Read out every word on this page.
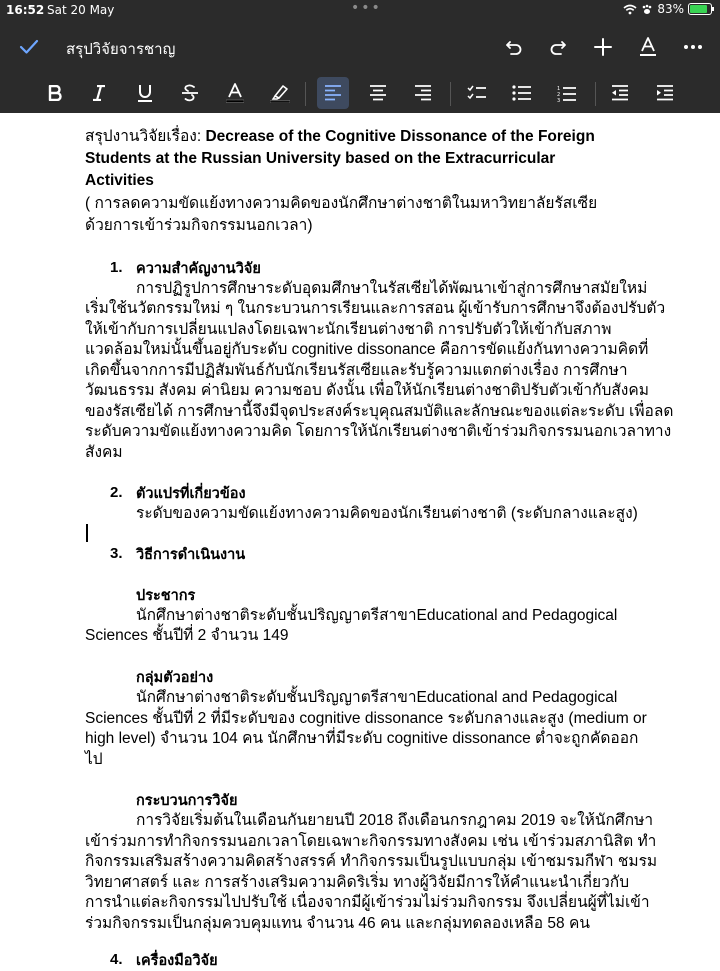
16:52 Sat 20 May	•••	83%
สรุปวิจัยจารชาญ
1
2
3
สรุปงานวิจัยเรื่อง: Decrease of the Cognitive Dissonance of the Foreign
Students at the Russian University based on the Extracurricular
Activities
( การลดความขัดแย้งทางความคิดของนักศึกษาต่างชาติในมหาวิทยาลัยรัสเซีย
ด้วยการเข้าร่วมกิจกรรมนอกเวลา)
1. ความสำคัญงานวิจัย
การปฏิรูปการศึกษาระดับอุดมศึกษาในรัสเซียได้พัฒนาเข้าสู่การศึกษาสมัยใหม่
เริ่มใช้นวัตกรรมใหม่ ๆ ในกระบวนการเรียนและการสอน ผู้เข้ารับการศึกษาจึงต้องปรับตัว
ให้เข้ากับการเปลี่ยนแปลงโดยเฉพาะนักเรียนต่างชาติ การปรับตัวให้เข้ากับสภาพ
แวดล้อมใหม่นั้นขึ้นอยู่กับระดับ cognitive dissonance คือการขัดแย้งกันทางความคิดที่
เกิดขึ้นจากการมีปฏิสัมพันธ์กับนักเรียนรัสเซียและรับรู้ความแตกต่างเรื่อง การศึกษา
วัฒนธรรม สังคม ค่านิยม ความชอบ ดังนั้น เพื่อให้นักเรียนต่างชาติปรับตัวเข้ากับสังคม
ของรัสเซียได้ การศึกษานี้จึงมีจุดประสงค์ระบุคุณสมบัติและลักษณะของแต่ละระดับ เพื่อลด
ระดับความขัดแย้งทางความคิด โดยการให้นักเรียนต่างชาติเข้าร่วมกิจกรรมนอกเวลาทาง
สังคม
2. ตัวแปรที่เกี่ยวข้อง
ระดับของความขัดแย้งทางความคิดของนักเรียนต่างชาติ (ระดับกลางและสูง)
3. วิธีการดำเนินงาน
ประชากร
นักศึกษาต่างชาติระดับชั้นปริญญาตรีสาขาEducational and Pedagogical
Sciences ชั้นปีที่ 2 จำนวน 149
กลุ่มตัวอย่าง
นักศึกษาต่างชาติระดับชั้นปริญญาตรีสาขาEducational and Pedagogical
Sciences ชั้นปีที่ 2 ที่มีระดับของ cognitive dissonance ระดับกลางและสูง (medium or
high level) จำนวน 104 คน นักศึกษาที่มีระดับ cognitive dissonance ต่ำจะถูกคัดออก
ไป
กระบวนการวิจัย
การวิจัยเริ่มต้นในเดือนกันยายนปี 2018 ถึงเดือนกรกฎาคม 2019 จะให้นักศึกษา
เข้าร่วมการทำกิจกรรมนอกเวลาโดยเฉพาะกิจกรรมทางสังคม เช่น เข้าร่วมสภานิสิต ทำ
กิจกรรมเสริมสร้างความคิดสร้างสรรค์ ทำกิจกรรมเป็นรูปแบบกลุ่ม เข้าชมรมกีฬา ชมรม
วิทยาศาสตร์ และ การสร้างเสริมความคิดริเริ่ม ทางผู้วิจัยมีการให้คำแนะนำเกี่ยวกับ
การนำแต่ละกิจกรรมไปปรับใช้ เนื่องจากมีผู้เข้าร่วมไม่ร่วมกิจกรรม จึงเปลี่ยนผู้ที่ไม่เข้า
ร่วมกิจกรรมเป็นกลุ่มควบคุมแทน จำนวน 46 คน และกลุ่มทดลองเหลือ 58 คน
4. เครื่องมือวิจัย
